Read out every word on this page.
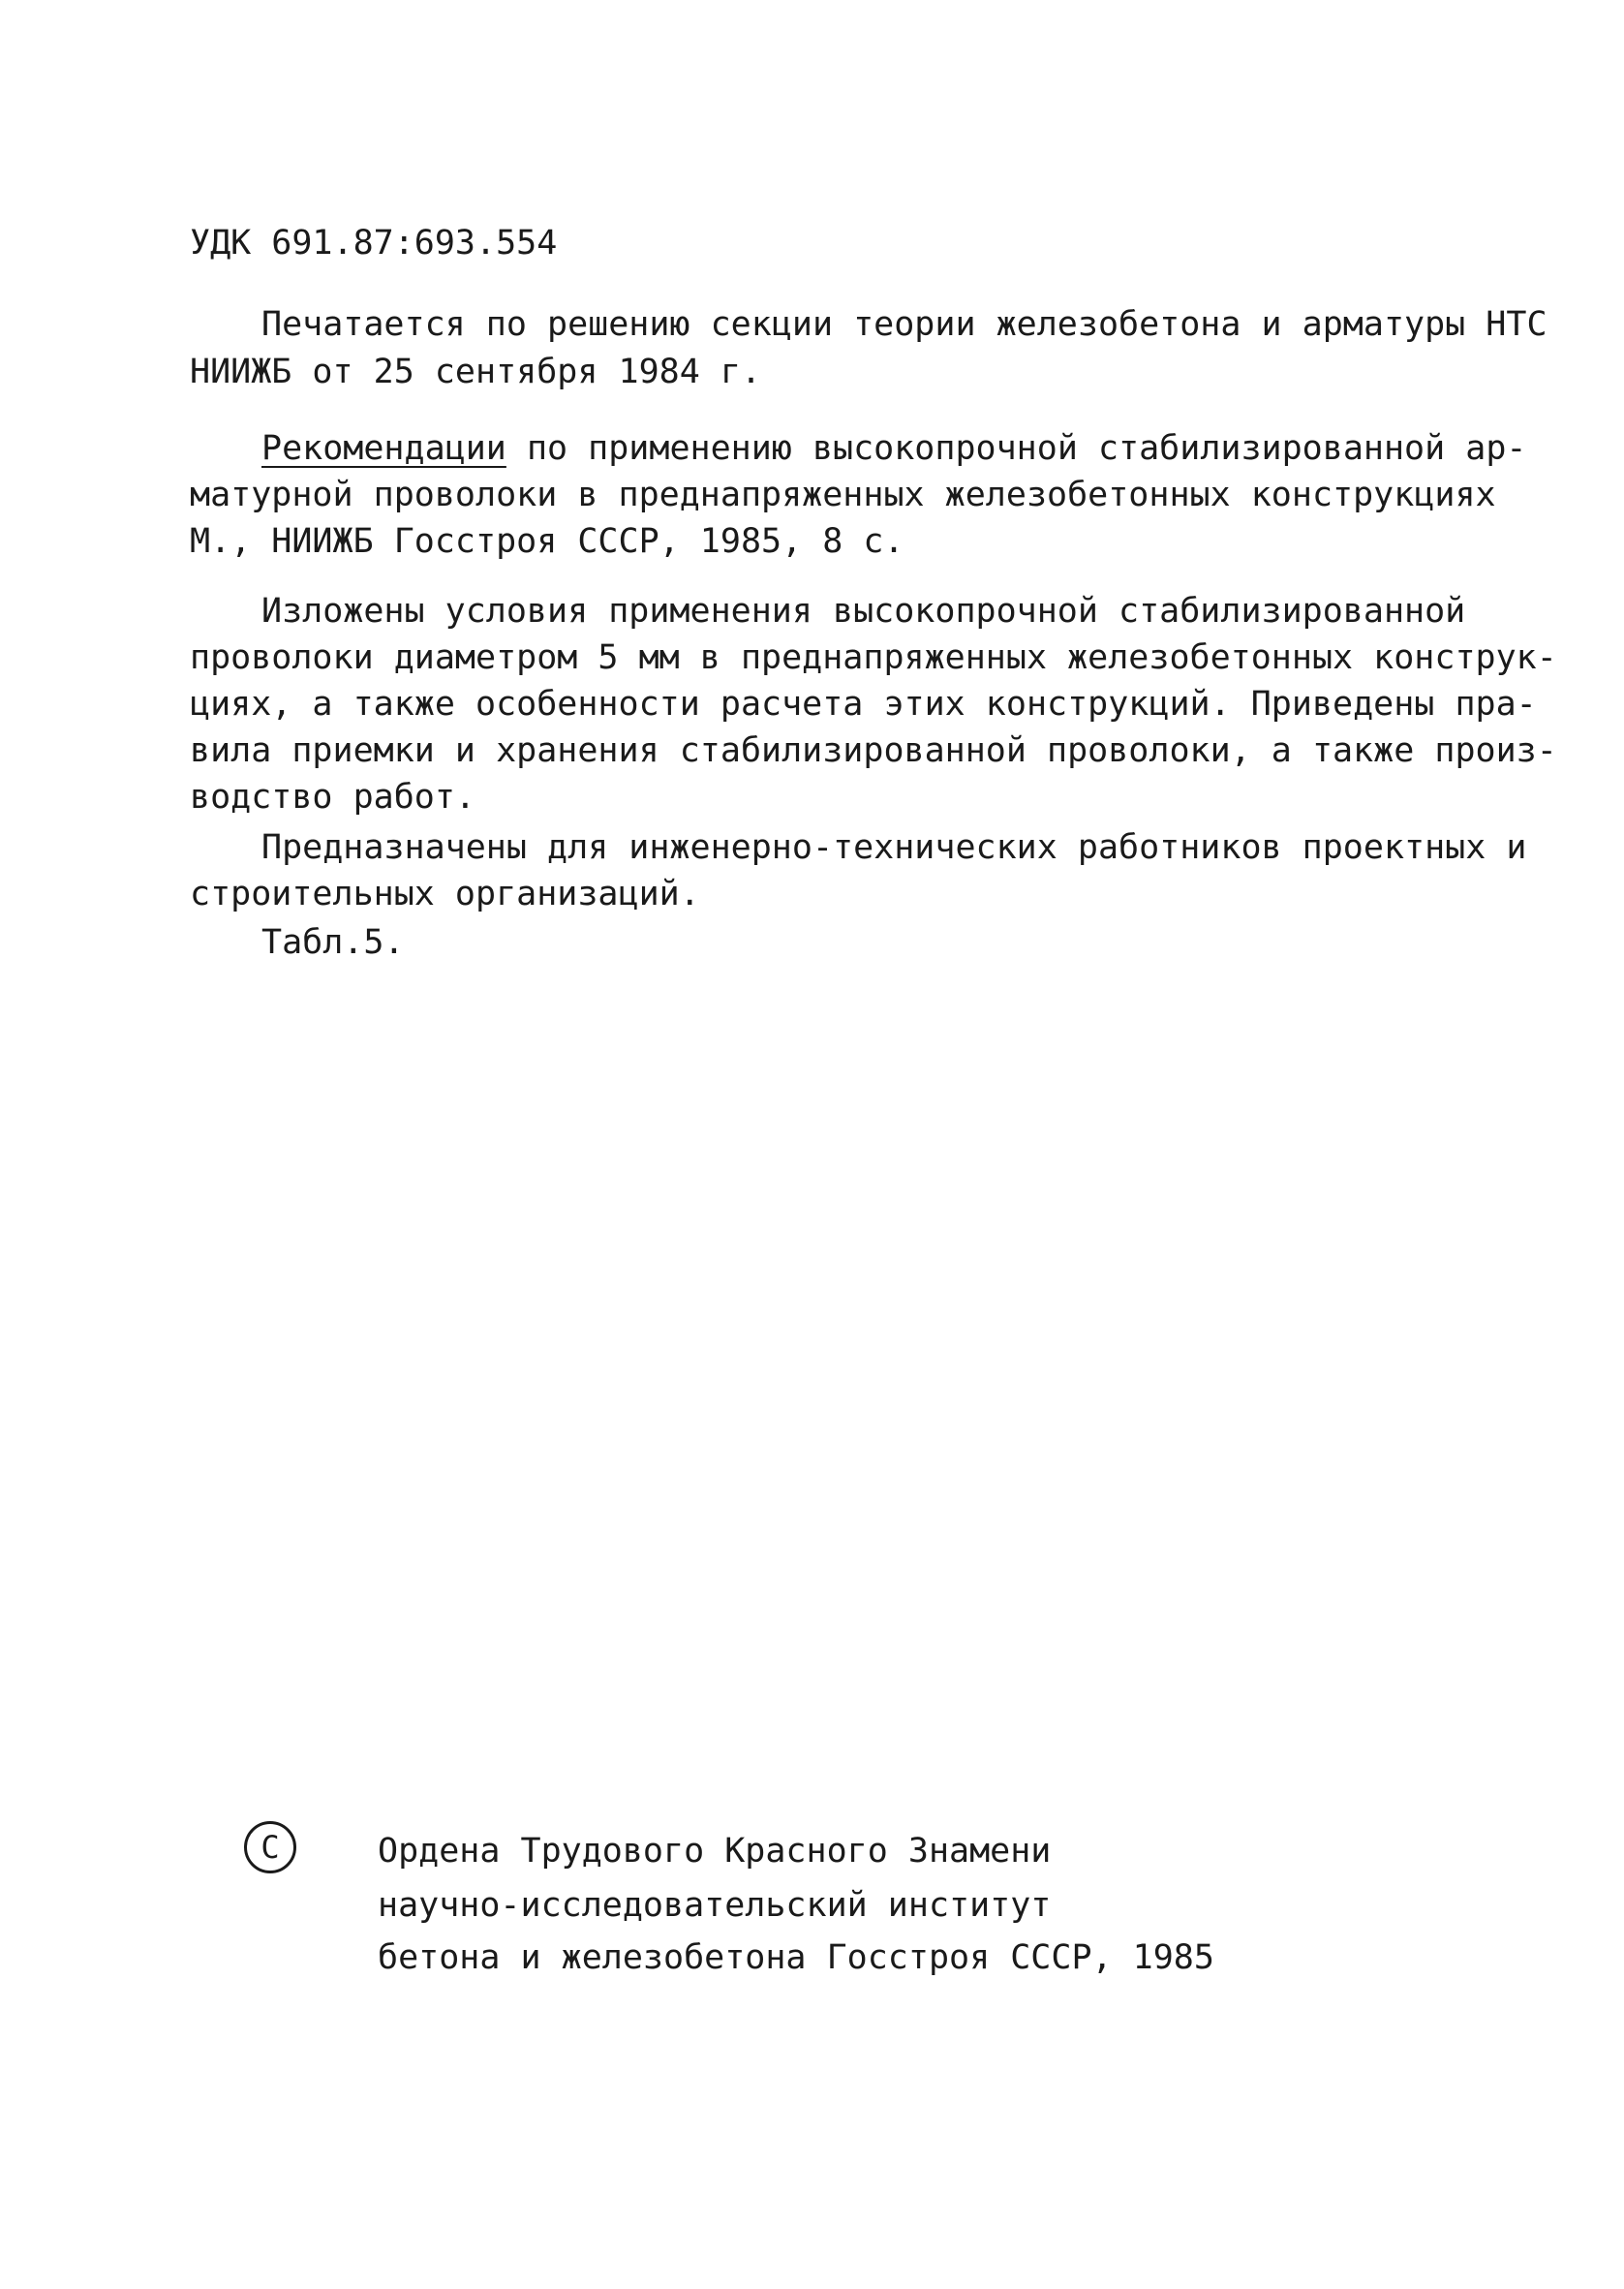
УДК 691.87:693.554

Печатается по решению секции теории железобетона и арматуры НТС

НИИЖБ от 25 сентября 1984 г.

Рекомендации по применению высокопрочной стабилизированной ар-

матурной проволоки в преднапряженных железобетонных конструкциях

М., НИИЖБ Госстроя СССР, 1985, 8 с.

Изложены условия применения высокопрочной стабилизированной

проволоки диаметром 5 мм в преднапряженных железобетонных конструк-

циях, а также особенности расчета этих конструкций. Приведены пра-

вила приемки и хранения стабилизированной проволоки, а также произ-

водство работ.

Предназначены для инженерно-технических работников проектных и

строительных организаций.

Табл.5.

C	Ордена Трудового Красного Знамени

научно-исследовательский институт

бетона и железобетона Госстроя СССР, 1985
